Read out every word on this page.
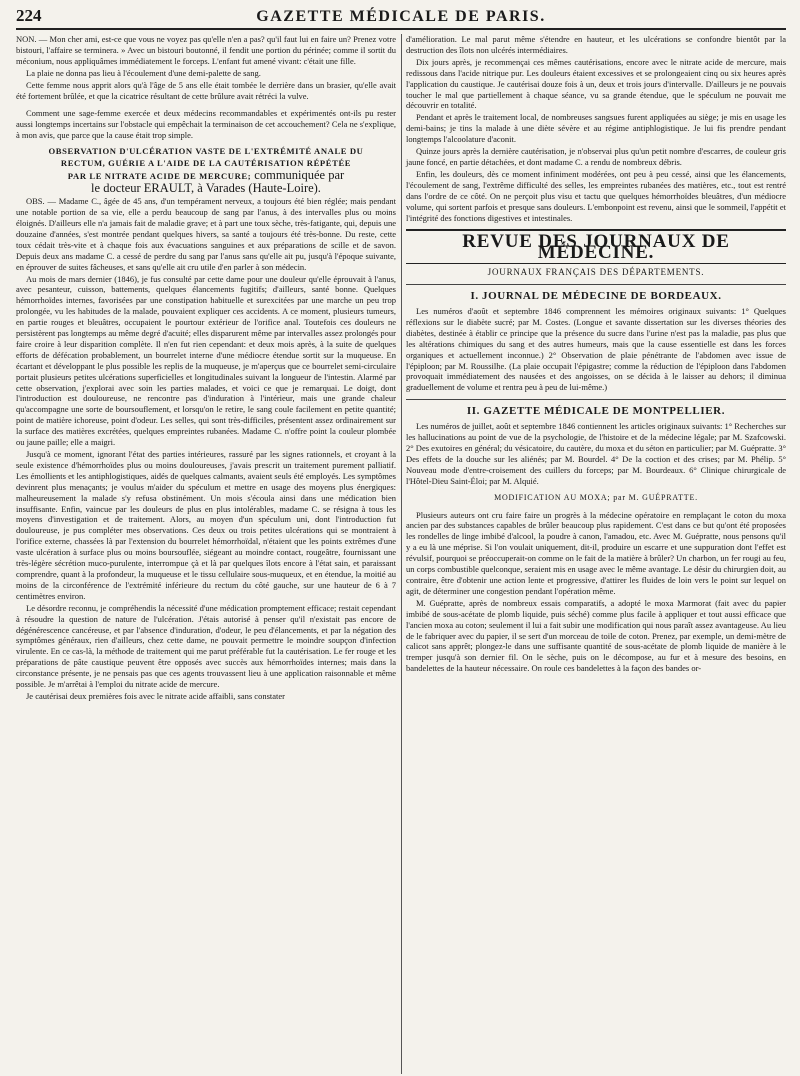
224	GAZETTE MÉDICALE DE PARIS.

NON. — Mon cher ami, est-ce que vous ne voyez pas qu'elle n'en a pas? qu'il faut lui en faire un? Prenez votre bistouri, l'affaire se terminera. » Avec un bistouri boutonné, il fendit une portion du périnée; comme il sortit du méconium, nous appliquâmes immédiatement le forceps. L'enfant fut amené vivant: c'était une fille.

La plaie ne donna pas lieu à l'écoulement d'une demi-palette de sang.

Cette femme nous apprit alors qu'à l'âge de 5 ans elle était tombée le derrière dans un brasier, qu'elle avait été fortement brûlée, et que la cicatrice résultant de cette brûlure avait rétréci la vulve.

Comment une sage-femme exercée et deux médecins recommandables et expérimentés ont-ils pu rester aussi longtemps incertains sur l'obstacle qui empêchait la terminaison de cet accouchement? Cela ne s'explique, à mon avis, que parce que la cause était trop simple.

OBSERVATION D'ULCÉRATION VASTE DE L'EXTRÉMITÉ ANALE DU
RECTUM, GUÉRIE A L'AIDE DE LA CAUTÉRISATION RÉPÉTÉE
PAR LE NITRATE ACIDE DE MERCURE; communiquée par
le docteur ERAULT, à Varades (Haute-Loire).

OBS. — Madame C., âgée de 45 ans, d'un tempérament nerveux, a toujours été bien réglée; mais pendant une notable portion de sa vie, elle a perdu beaucoup de sang par l'anus, à des intervalles plus ou moins éloignés. D'ailleurs elle n'a jamais fait de maladie grave; et à part une toux sèche, très-fatigante, qui, depuis une douzaine d'années, s'est montrée pendant quelques hivers, sa santé a toujours été très-bonne. Du reste, cette toux cédait très-vite et à chaque fois aux évacuations sanguines et aux préparations de scille et de savon. Depuis deux ans madame C. a cessé de perdre du sang par l'anus sans qu'elle ait pu, jusqu'à l'époque suivante, en éprouver de suites fâcheuses, et sans qu'elle ait cru utile d'en parler à son médecin.

Au mois de mars dernier (1846), je fus consulté par cette dame pour une douleur qu'elle éprouvait à l'anus, avec pesanteur, cuisson, battements, quelques élancements fugitifs; d'ailleurs, santé bonne. Quelques hémorrhoïdes internes, favorisées par une constipation habituelle et surexcitées par une marche un peu trop prolongée, vu les habitudes de la malade, pouvaient expliquer ces accidents. A ce moment, plusieurs tumeurs, en partie rouges et bleuâtres, occupaient le pourtour extérieur de l'orifice anal. Toutefois ces douleurs ne persistèrent pas longtemps au même degré d'acuité; elles disparurent même par intervalles assez prolongés pour faire croire à leur disparition complète. Il n'en fut rien cependant: et deux mois après, à la suite de quelques efforts de défécation probablement, un bourrelet interne d'une médiocre étendue sortit sur la muqueuse. En écartant et développant le plus possible les replis de la muqueuse, je m'aperçus que ce bourrelet semi-circulaire portait plusieurs petites ulcérations superficielles et longitudinales suivant la longueur de l'intestin. Alarmé par cette observation, j'explorai avec soin les parties malades, et voici ce que je remarquai. Le doigt, dont l'introduction est douloureuse, ne rencontre pas d'induration à l'intérieur, mais une grande chaleur qu'accompagne une sorte de boursouflement, et lorsqu'on le retire, le sang coule facilement en petite quantité; point de matière ichoreuse, point d'odeur. Les selles, qui sont très-difficiles, présentent assez ordinairement sur la surface des matières excrétées, quelques empreintes rubanées. Madame C. n'offre point la couleur plombée ou jaune paille; elle a maigri.

Jusqu'à ce moment, ignorant l'état des parties intérieures, rassuré par les signes rationnels, et croyant à la seule existence d'hémorrhoïdes plus ou moins douloureuses, j'avais prescrit un traitement purement palliatif. Les émollients et les antiphlogistiques, aidés de quelques calmants, avaient seuls été employés. Les symptômes devinrent plus menaçants; je voulus m'aider du spéculum et mettre en usage des moyens plus énergiques: malheureusement la malade s'y refusa obstinément. Un mois s'écoula ainsi dans une médication bien insuffisante. Enfin, vaincue par les douleurs de plus en plus intolérables, madame C. se résigna à tous les moyens d'investigation et de traitement. Alors, au moyen d'un spéculum uni, dont l'introduction fut douloureuse, je pus compléter mes observations. Ces deux ou trois petites ulcérations qui se montraient à l'orifice externe, chassées là par l'extension du bourrelet hémorrhoïdal, n'étaient que les points extrêmes d'une vaste ulcération à surface plus ou moins boursouflée, siégeant au moindre contact, rougeâtre, fournissant une très-légère sécrétion muco-purulente, interrompue çà et là par quelques îlots encore à l'état sain, et paraissant comprendre, quant à la profondeur, la muqueuse et le tissu cellulaire sous-muqueux, et en étendue, la moitié au moins de la circonférence de l'extrémité inférieure du rectum du côté gauche, sur une hauteur de 6 à 7 centimètres environ.

Le désordre reconnu, je compréhendis la nécessité d'une médication promptement efficace; restait cependant à résoudre la question de nature de l'ulcération. J'étais autorisé à penser qu'il n'existait pas encore de dégénérescence cancéreuse, et par l'absence d'induration, d'odeur, le peu d'élancements, et par la négation des symptômes généraux, rien d'ailleurs, chez cette dame, ne pouvait permettre le moindre soupçon d'infection virulente. En ce cas-là, la méthode de traitement qui me parut préférable fut la cautérisation. Le fer rouge et les préparations de pâte caustique peuvent être opposés avec succès aux hémorrhoïdes internes; mais dans la circonstance présente, je ne pensais pas que ces agents trouvassent lieu à une application raisonnable et même possible. Je m'arrêtai à l'emploi du nitrate acide de mercure.

Je cautérisai deux premières fois avec le nitrate acide affaibli, sans constater

d'amélioration. Le mal parut même s'étendre en hauteur, et les ulcérations se confondre bientôt par la destruction des îlots non ulcérés intermédiaires.

Dix jours après, je recommençai ces mêmes cautérisations, encore avec le nitrate acide de mercure, mais redissous dans l'acide nitrique pur. Les douleurs étaient excessives et se prolongeaient cinq ou six heures après l'application du caustique. Je cautérisai douze fois à un, deux et trois jours d'intervalle. D'ailleurs je ne pouvais toucher le mal que partiellement à chaque séance, vu sa grande étendue, que le spéculum ne pouvait me découvrir en totalité.

Pendant et après le traitement local, de nombreuses sangsues furent appliquées au siège; je mis en usage les demi-bains; je tins la malade à une diète sévère et au régime antiphlogistique. Je lui fis prendre pendant longtemps l'alcoolature d'aconit.

Quinze jours après la dernière cautérisation, je n'observai plus qu'un petit nombre d'escarres, de couleur gris jaune foncé, en partie détachées, et dont madame C. a rendu de nombreux débris.

Enfin, les douleurs, dès ce moment infiniment modérées, ont peu à peu cessé, ainsi que les élancements, l'écoulement de sang, l'extrême difficulté des selles, les empreintes rubanées des matières, etc., tout est rentré dans l'ordre de ce côté. On ne perçoit plus visu et tactu que quelques hémorrhoïdes bleuâtres, d'un médiocre volume, qui sortent parfois et presque sans douleurs. L'embonpoint est revenu, ainsi que le sommeil, l'appétit et l'intégrité des fonctions digestives et intestinales.

REVUE DES JOURNAUX DE MÉDECINE.
JOURNAUX FRANÇAIS DES DÉPARTEMENTS.
I. JOURNAL DE MÉDECINE DE BORDEAUX.

Les numéros d'août et septembre 1846 comprennent les mémoires originaux suivants: 1° Quelques réflexions sur le diabète sucré; par M. Costes. (Longue et savante dissertation sur les diverses théories des diabètes, destinée à établir ce principe que la présence du sucre dans l'urine n'est pas la maladie, pas plus que les altérations chimiques du sang et des autres humeurs, mais que la cause essentielle est dans les forces organiques et actuellement inconnue.) 2° Observation de plaie pénétrante de l'abdomen avec issue de l'épiploon; par M. Roussilhe. (La plaie occupait l'épigastre; comme la réduction de l'épiploon dans l'abdomen provoquait immédiatement des nausées et des angoisses, on se décida à le laisser au dehors; il diminua graduellement de volume et rentra peu à peu de lui-même.)

II. GAZETTE MÉDICALE DE MONTPELLIER.

Les numéros de juillet, août et septembre 1846 contiennent les articles originaux suivants: 1° Recherches sur les hallucinations au point de vue de la psychologie, de l'histoire et de la médecine légale; par M. Szafcowski. 2° Des exutoires en général; du vésicatoire, du cautère, du moxa et du séton en particulier; par M. Guépratte. 3° Des effets de la douche sur les aliénés; par M. Bourdel. 4° De la coction et des crises; par M. Phélip. 5° Nouveau mode d'entre-croisement des cuillers du forceps; par M. Bourdeaux. 6° Clinique chirurgicale de l'Hôtel-Dieu Saint-Éloi; par M. Alquié.

MODIFICATION AU MOXA; par M. GUÉPRATTE.

Plusieurs auteurs ont cru faire faire un progrès à la médecine opératoire en remplaçant le coton du moxa ancien par des substances capables de brûler beaucoup plus rapidement. C'est dans ce but qu'ont été proposées les rondelles de linge imbibé d'alcool, la poudre à canon, l'amadou, etc. Avec M. Guépratte, nous pensons qu'il y a eu là une méprise. Si l'on voulait uniquement, dit-il, produire un escarre et une suppuration dont l'effet est révulsif, pourquoi se préoccuperait-on comme on le fait de la matière à brûler? Un charbon, un fer rougi au feu, un corps combustible quelconque, seraient mis en usage avec le même avantage. Le désir du chirurgien doit, au contraire, être d'obtenir une action lente et progressive, d'attirer les fluides de loin vers le point sur lequel on agit, de déterminer une congestion pendant l'opération même.

M. Guépratte, après de nombreux essais comparatifs, a adopté le moxa Marmorat (fait avec du papier imbibé de sous-acétate de plomb liquide, puis séché) comme plus facile à appliquer et tout aussi efficace que l'ancien moxa au coton; seulement il lui a fait subir une modification qui nous paraît assez avantageuse. Au lieu de le fabriquer avec du papier, il se sert d'un morceau de toile de coton. Prenez, par exemple, un demi-mètre de calicot sans apprêt; plongez-le dans une suffisante quantité de sous-acétate de plomb liquide de manière à le tremper jusqu'à son dernier fil. On le sèche, puis on le décompose, au fur et à mesure des besoins, en bandelettes de la hauteur nécessaire. On roule ces bandelettes à la façon des bandes or-
